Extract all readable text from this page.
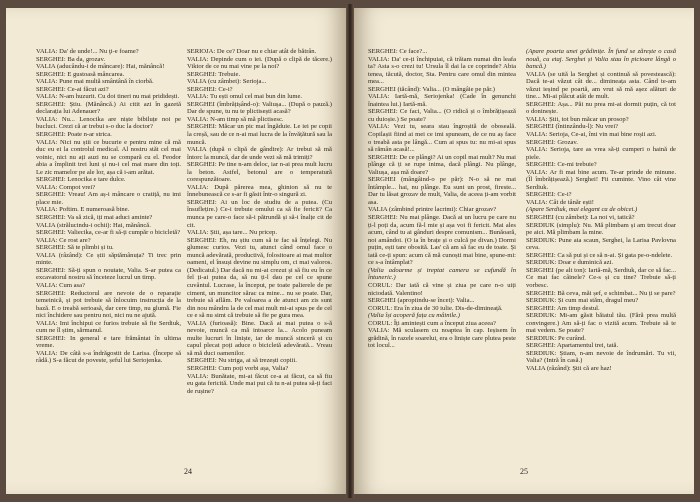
VALIA: Da' de unde!... Nu ţi-e foame?

SERGHEI: Ba da, grozav.

VALIA (aducându-i de mâncare): Hai, mănâncă!

SERGHEI: E gustoasă mâncarea.

VALIA: Pune mai multă smântână în ciorbă.

SERGHEI: Ce-ai făcut azi?

VALIA: N-am huzurit. Cu doi tineri nu mai prididești.

SERGHEI: Știu. (Mănâncă.) Ai citit azi în gazetă declarația lui Adenauer?

VALIA: Nu... Lenocika are niște bibiluțe noi pe bucluci. Crezi că ar trebui s-o duc la doctor?

SERGHEI: Poate n-ar strica.

VALIA: Nici nu știi ce bucurie e pentru mine că mă duc eu ei la controlul medical. Al nostru stăt cel mai voinic, nici nu ați auzi nu se compară cu el. Feodor abia a împlinit trei luni și nu-i cel mai mare din toți. Le zic mamelor pe ale lor, așa că i-am arătat.

SERGHEI: Lenocika e tare dulce.

VALIA: Compot vrei?

SERGHEI: Vreau! Am aș-i mâncare o cratiță, nu imi place mie.

VALIA: Poftim. E numeroasă bine.

SERGHEI: Va să zică, iți mai aduci aminte?

VALIA (strălucindu-i ochii): Hai, mănâncă.

SERGHEI: Valiecika, ce-ar fi să-ți cumpăr o bicicletă?

VALIA: Ce rost are?

SERGHEI: Să te plimbi și tu.

VALIA (râzând): Ce știi săptămânuța? Ti trec prin minte.

SERGHEI: Să-ți spun o noutate, Valia. S-ar putea ca excavatorul nostru să înceteze lucrul un timp.

VALIA: Cum asa?

SERGHEI: Reductorul are nevoie de o reparație temeinică, și pot trebuie să înlocuim instrucția de la bază. E o treabă serioasă, dar cere timp, nu glumă. Fie nici închidere sau pentru noi, nici nu ne ajută.

VALIA: Imi închipui ce furios trebuie să fie Serdiuk, cum ne îl știm, sărmanul.

SERGHEI: In general e tare frământat în ultima vreme.

VALIA: De câtă s-a îndrăgostit de Larisa. (Începe să râdă.) S-a făcut de poveste, șeful lui Seriojenka.

SERIOJA: De ce? Doar nu e chiar atât de bătrân.

VALIA: Depinde cum o iei. (După o clipă de tăcere.) Viktor de ce nu mai vine pe la noi?

SERGHEI: Trebuie.

VALIA (cu zâmbet): Serioja...

SERGHEI: Ce-i?

VALIA: Tu ești omul cel mai bun din lume.

SERGHEI (îmbrățișând-o): Valiușa... (După o pauză.) Dar de spune, tu nu te plictisești acasă?

VALIA: N-am timp să mă plictisesc.

SERGHEI: Măcar un pic mai îngăduie. Le iei pe copii la creșă, sau de ce n-ai mai lucra de la învățătură sau la muncă.

VALIA (după o clipă de gândire): Ar trebui să mă întorc la muncă, dar de unde vezi să mă trimiți?

SERGHEI: Pe tine n-am deloc, iar n-ai prea mult lucru la beton. Astfel, betonul are o temperatură corespunzătoare.

VALIA: După părerea mea, ghinion să nu te înnebunească ce s-ar fi găsit într-o singură zi.

SERGHEI: Ai un loc de studiu de a putea. (Cu însuflețire.) Ce-i trebuie omului ca să fie fericit? Ca munca pe care-o face să-i pătrundă și să-i înalțe cit de cit.

VALIA: Știi, așa tare... Nu pricep.

SERGHEI: Eh, nu știu cum să te fac să înțelegi. Nu glumesc curios. Vezi tu, atunci când omul face o muncă adevărată, productivă, folositoare ai mai multor oameni, el însuși devine nu simplu om, ci mai valoros. (Dedicatul.) Dar dacă nu mi-ai crezut și să fiu eu în ce fel ți-ai putea da, să nu ți-l dau pe cel ce spune cuvântul. Lucrase, la început, pe toate palierele de pe ciment, un muncitor sărac ca mine... nu se poate. Dar, trebuie să aflăm. Pe valoarea a de atunci am zis sunt din nou mândru la de cel mai mult mi-ai spus pe de cel ce e să nu simt că trebuie să fie pe gura mea.

VALIA (furioasă): Bine. Dacă ai mai putea o s-ă nevoie, muncă ca mă intoarce la... Acolo puneam multe lucruri în liniște, iar de muncă sinceră și cu capul plecat poți aduce o bicicletă adevărată... Vreau să mă duci oamenilor.

SERGHEI: Nu striga, ai să trezești copiii.

SERGHEI: Cum poți vorbi așa, Valia?

VALIA: Bunătate, mi-ai făcut ce-a ai făcut, ca să fiu eu gata fericită. Unde mai pui că tu n-ai putea să-ți faci de rușine?

24

SERGHEI: Ce face?...

VALIA: Da' ce-ți închipuiai, că trăiam numai din leafa ta? Asta s-o crezi tu! Ursula îl dai la ce coprinde? Abia tenea, tăcută, doctor, Sta. Pentru care omul din mintea mea...

SERGHEI (tăcând): Valia... (O mângâie pe păr.)

VALIA: Iartă-mă, Seriojenka! (Cade în genunchi înaintea lui.) Iartă-mă.

SERGHEI: Ce faci, Valia... (O ridică și o îmbrățișează cu duioșie.) Se poate?

VALIA: Vezi tu, seara stau îngroșită de oboseală. Copilașii fiind ai mei ce imi spuneam, de ce nu aș face o treabă asta pe lângă... Cum ai spus tu: nu mi-ai spus să rămân acasă!...

SERGHEI: De ce plângi? Ai un copil mai mult? Nu mai plânge că ți se rupe inima, dacă plângi. Nu plânge, Valiușa, așa mă doare?

SERGHEI (mângâind-o pe păr): N-o să ne mai întâmple... hai, nu plânge. Eu sunt un prost, fireste... Dar tu lăsat grozav de mult, Valia, de aceea ți-am vorbit asa.

VALIA (zâmbind printre lacrimi): Chiar grozav?

SERGHEI: Nu mai plânge. Dacă ai un lucru pe care nu ți-l poți da, acum fă-l mie și așa voi fi fericit. Mai ales acum, când tu ai gânduri despre comunism... Bunăoară, noi amândoi. (O ia în brațe și o culcă pe divan.) Dormi puțin, ești tare obosită. Las' că am să fac eu de toate. Și iată ce-ți spun: acum că mă cunoști mai bine, spune-mi: ce s-a întâmplat?

(Valia adoarme și treptat camera se cufundă în întuneric.)

CORUL: Dar iată că vine și ziua pe care n-o uiți niciodată. Valentino!

SERGHEI (apropiindu-se încet): Valia...

CORUL: Era în ziua de 30 iulie. Dis-de-dimineață.

(Valia își acoperă fața cu mâinile.)

CORUL: Îți amintești cum a început ziua aceea?

VALIA: Mă sculasem cu noaptea în cap. Ieșisem în grădină, în razele soarelui, era o liniște care plutea peste tot locul...

(Apare poarta unei grădinițe. În fund se zărește o casă nouă, cu etaj. Serghei și Valia stau în picioare lângă o bancă.)

VALIA (se uită la Serghei și continuă să povestească): Dacă te-ai văzut cât de... dimineața asta. Când te-am văzut ieșind pe poartă, am vrut să mă așez alături de tine... Mi-ai plăcut atât de mult.

SERGHEI: Așa... Păi nu prea mi-ai dormit puțin, că tot o doninește.

VALIA: Știi, tot bun măcar un prosop?

SERGHEI (întinzându-l): Nu vrei?

VALIA: Serioja, Ce-ai, îmi vin mai bine roșii azi.

SERGHEI: Grozav.

VALIA: Serioja, tare as vrea să-ți cumperi o haină de piele.

SERGHEI: Ce-mi trebuie?

VALIA: Ar fi mai bine acum. Te-ar prinde de minune. (Îl îmbrățișează.) Serghei! Fii cuminte. Vino cât vine Serdiuk.

SERGHEI: Ce-i?

VALIA: Cât de tânăr ești!

(Apare Serdiuk, mai elegant ca de obicei.)

SERGHEI (cu zâmbet): La noi vi, tatică?

SERDIUK (simplu): Nu. Mă plimbam și am trecut doar pe aici. Mă plimbam la mine.

SERDIUK: Pune aia scaun, Serghei, la Larisa Pavlovna ceva.

SERGHEI: Ca să pui și ce să n-ai. Și gata pe-o-ndelete.

SERDIUK: Doar e duminică azi.

SERGHEI (pe alt ton): Iartă-mă, Serdiuk, dar ce să fac... Ce mai fac câinele? Ce-s și cu tine? Trebuie să-ți vorbesc.

SERGHEI: Bă ceva, măi șef, e schimbat... Nu ți se pare?

SERDIUK: Și cum mai stăm, dragul meu?

SERGHEI: Am timp destul.

SERDIUK: Mi-am găsit băiatul tău. (Fără prea multă convingere.) Am să-ți fac o vizită acum. Trebuie să te mai vedem. Se poate?

SERDIUK: Pe curând.

SERGHEI: Apartamentul trei, tată.

SERDIUK: Știam, n-am nevoie de îndrumări. Tu vii, Valia? (Intră în casă.)

VALIA (râzând): Știi că are haz!

25
